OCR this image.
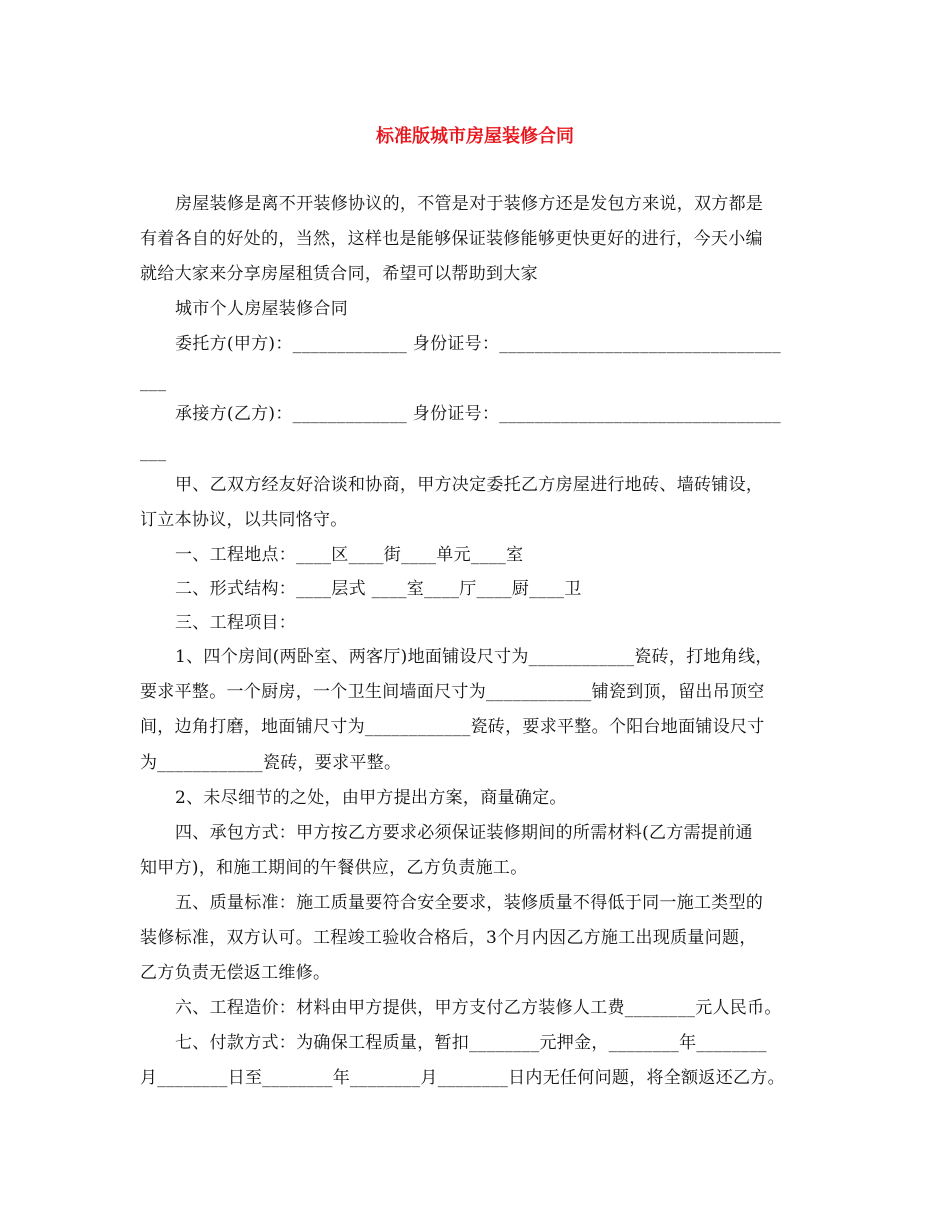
标准版城市房屋装修合同
房屋装修是离不开装修协议的，不管是对于装修方还是发包方来说，双方都是
有着各自的好处的，当然，这样也是能够保证装修能够更快更好的进行，今天小编
就给大家来分享房屋租赁合同，希望可以帮助到大家
城市个人房屋装修合同
委托方(甲方)：_____________ 身份证号：________________________________
___
承接方(乙方)：_____________ 身份证号：________________________________
___
甲、乙双方经友好洽谈和协商，甲方决定委托乙方房屋进行地砖、墙砖铺设，
订立本协议，以共同恪守。
一、工程地点：____区____街____单元____室
二、形式结构：____层式 ____室____厅____厨____卫
三、工程项目：
1、四个房间(两卧室、两客厅)地面铺设尺寸为____________瓷砖，打地角线，
要求平整。一个厨房，一个卫生间墙面尺寸为____________铺瓷到顶，留出吊顶空
间，边角打磨，地面铺尺寸为____________瓷砖，要求平整。个阳台地面铺设尺寸
为____________瓷砖，要求平整。
2、未尽细节的之处，由甲方提出方案，商量确定。
四、承包方式：甲方按乙方要求必须保证装修期间的所需材料(乙方需提前通
知甲方)，和施工期间的午餐供应，乙方负责施工。
五、质量标准：施工质量要符合安全要求，装修质量不得低于同一施工类型的
装修标准，双方认可。工程竣工验收合格后，3个月内因乙方施工出现质量问题，
乙方负责无偿返工维修。
六、工程造价：材料由甲方提供，甲方支付乙方装修人工费________元人民币。
七、付款方式：为确保工程质量，暂扣________元押金，________年________
月________日至________年________月________日内无任何问题，将全额返还乙方。
